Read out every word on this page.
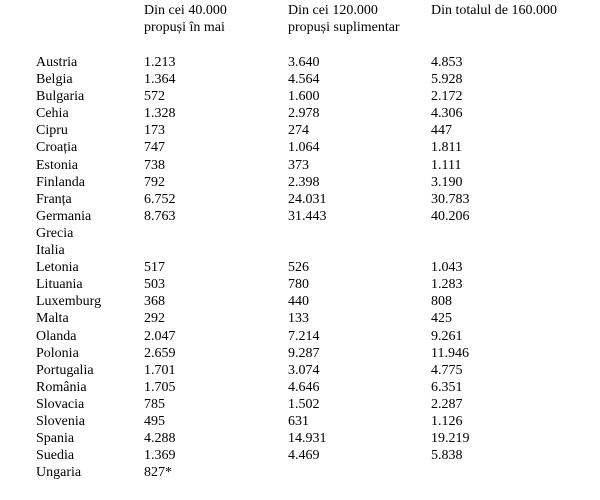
Din cei 40.000
propuși în mai
Din cei 120.000
propuși suplimentar
Din totalul de 160.000
Austria	1.213	3.640	4.853
Belgia	1.364	4.564	5.928
Bulgaria	572	1.600	2.172
Cehia	1.328	2.978	4.306
Cipru	173	274	447
Croația	747	1.064	1.811
Estonia	738	373	1.111
Finlanda	792	2.398	3.190
Franța	6.752	24.031	30.783
Germania	8.763	31.443	40.206
Grecia
Italia
Letonia	517	526	1.043
Lituania	503	780	1.283
Luxemburg	368	440	808
Malta	292	133	425
Olanda	2.047	7.214	9.261
Polonia	2.659	9.287	11.946
Portugalia	1.701	3.074	4.775
România	1.705	4.646	6.351
Slovacia	785	1.502	2.287
Slovenia	495	631	1.126
Spania	4.288	14.931	19.219
Suedia	1.369	4.469	5.838
Ungaria	827*
